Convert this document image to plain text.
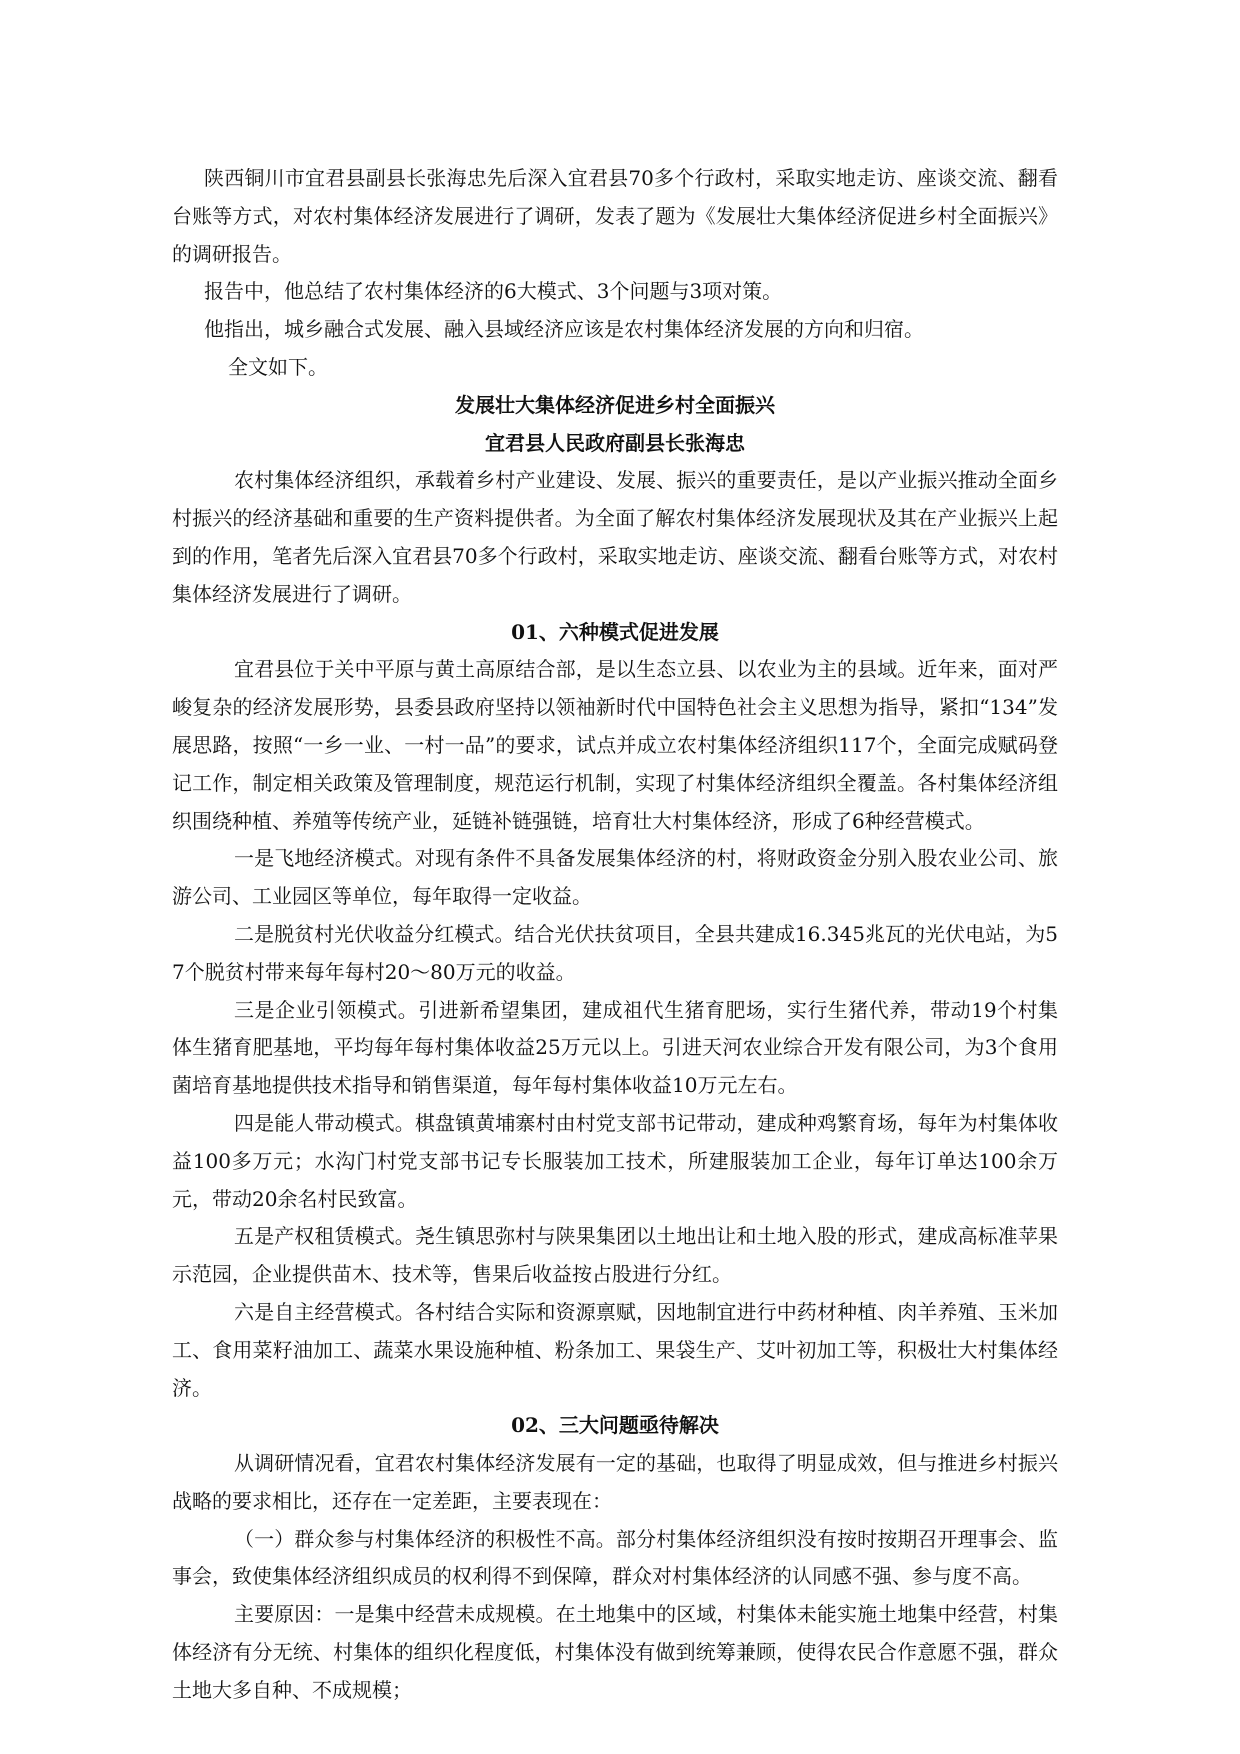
陕西铜川市宜君县副县长张海忠先后深入宜君县70多个行政村，采取实地走访、座谈交流、翻看台账等方式，对农村集体经济发展进行了调研，发表了题为《发展壮大集体经济促进乡村全面振兴》的调研报告。

报告中，他总结了农村集体经济的6大模式、3个问题与3项对策。

他指出，城乡融合式发展、融入县域经济应该是农村集体经济发展的方向和归宿。

全文如下。

发展壮大集体经济促进乡村全面振兴

宜君县人民政府副县长张海忠

农村集体经济组织，承载着乡村产业建设、发展、振兴的重要责任，是以产业振兴推动全面乡村振兴的经济基础和重要的生产资料提供者。为全面了解农村集体经济发展现状及其在产业振兴上起到的作用，笔者先后深入宜君县70多个行政村，采取实地走访、座谈交流、翻看台账等方式，对农村集体经济发展进行了调研。

01、六种模式促进发展

宜君县位于关中平原与黄土高原结合部，是以生态立县、以农业为主的县域。近年来，面对严峻复杂的经济发展形势，县委县政府坚持以领袖新时代中国特色社会主义思想为指导，紧扣“134”发展思路，按照“一乡一业、一村一品”的要求，试点并成立农村集体经济组织117个，全面完成赋码登记工作，制定相关政策及管理制度，规范运行机制，实现了村集体经济组织全覆盖。各村集体经济组织围绕种植、养殖等传统产业，延链补链强链，培育壮大村集体经济，形成了6种经营模式。

一是飞地经济模式。对现有条件不具备发展集体经济的村，将财政资金分别入股农业公司、旅游公司、工业园区等单位，每年取得一定收益。

二是脱贫村光伏收益分红模式。结合光伏扶贫项目，全县共建成16.345兆瓦的光伏电站，为57个脱贫村带来每年每村20～80万元的收益。

三是企业引领模式。引进新希望集团，建成祖代生猪育肥场，实行生猪代养，带动19个村集体生猪育肥基地，平均每年每村集体收益25万元以上。引进天河农业综合开发有限公司，为3个食用菌培育基地提供技术指导和销售渠道，每年每村集体收益10万元左右。

四是能人带动模式。棋盘镇黄埔寨村由村党支部书记带动，建成种鸡繁育场，每年为村集体收益100多万元；水沟门村党支部书记专长服装加工技术，所建服装加工企业，每年订单达100余万元，带动20余名村民致富。

五是产权租赁模式。尧生镇思弥村与陕果集团以土地出让和土地入股的形式，建成高标准苹果示范园，企业提供苗木、技术等，售果后收益按占股进行分红。

六是自主经营模式。各村结合实际和资源禀赋，因地制宜进行中药材种植、肉羊养殖、玉米加工、食用菜籽油加工、蔬菜水果设施种植、粉条加工、果袋生产、艾叶初加工等，积极壮大村集体经济。

02、三大问题亟待解决

从调研情况看，宜君农村集体经济发展有一定的基础，也取得了明显成效，但与推进乡村振兴战略的要求相比，还存在一定差距，主要表现在：

（一）群众参与村集体经济的积极性不高。部分村集体经济组织没有按时按期召开理事会、监事会，致使集体经济组织成员的权利得不到保障，群众对村集体经济的认同感不强、参与度不高。

主要原因：一是集中经营未成规模。在土地集中的区域，村集体未能实施土地集中经营，村集体经济有分无统、村集体的组织化程度低，村集体没有做到统筹兼顾，使得农民合作意愿不强，群众土地大多自种、不成规模；
